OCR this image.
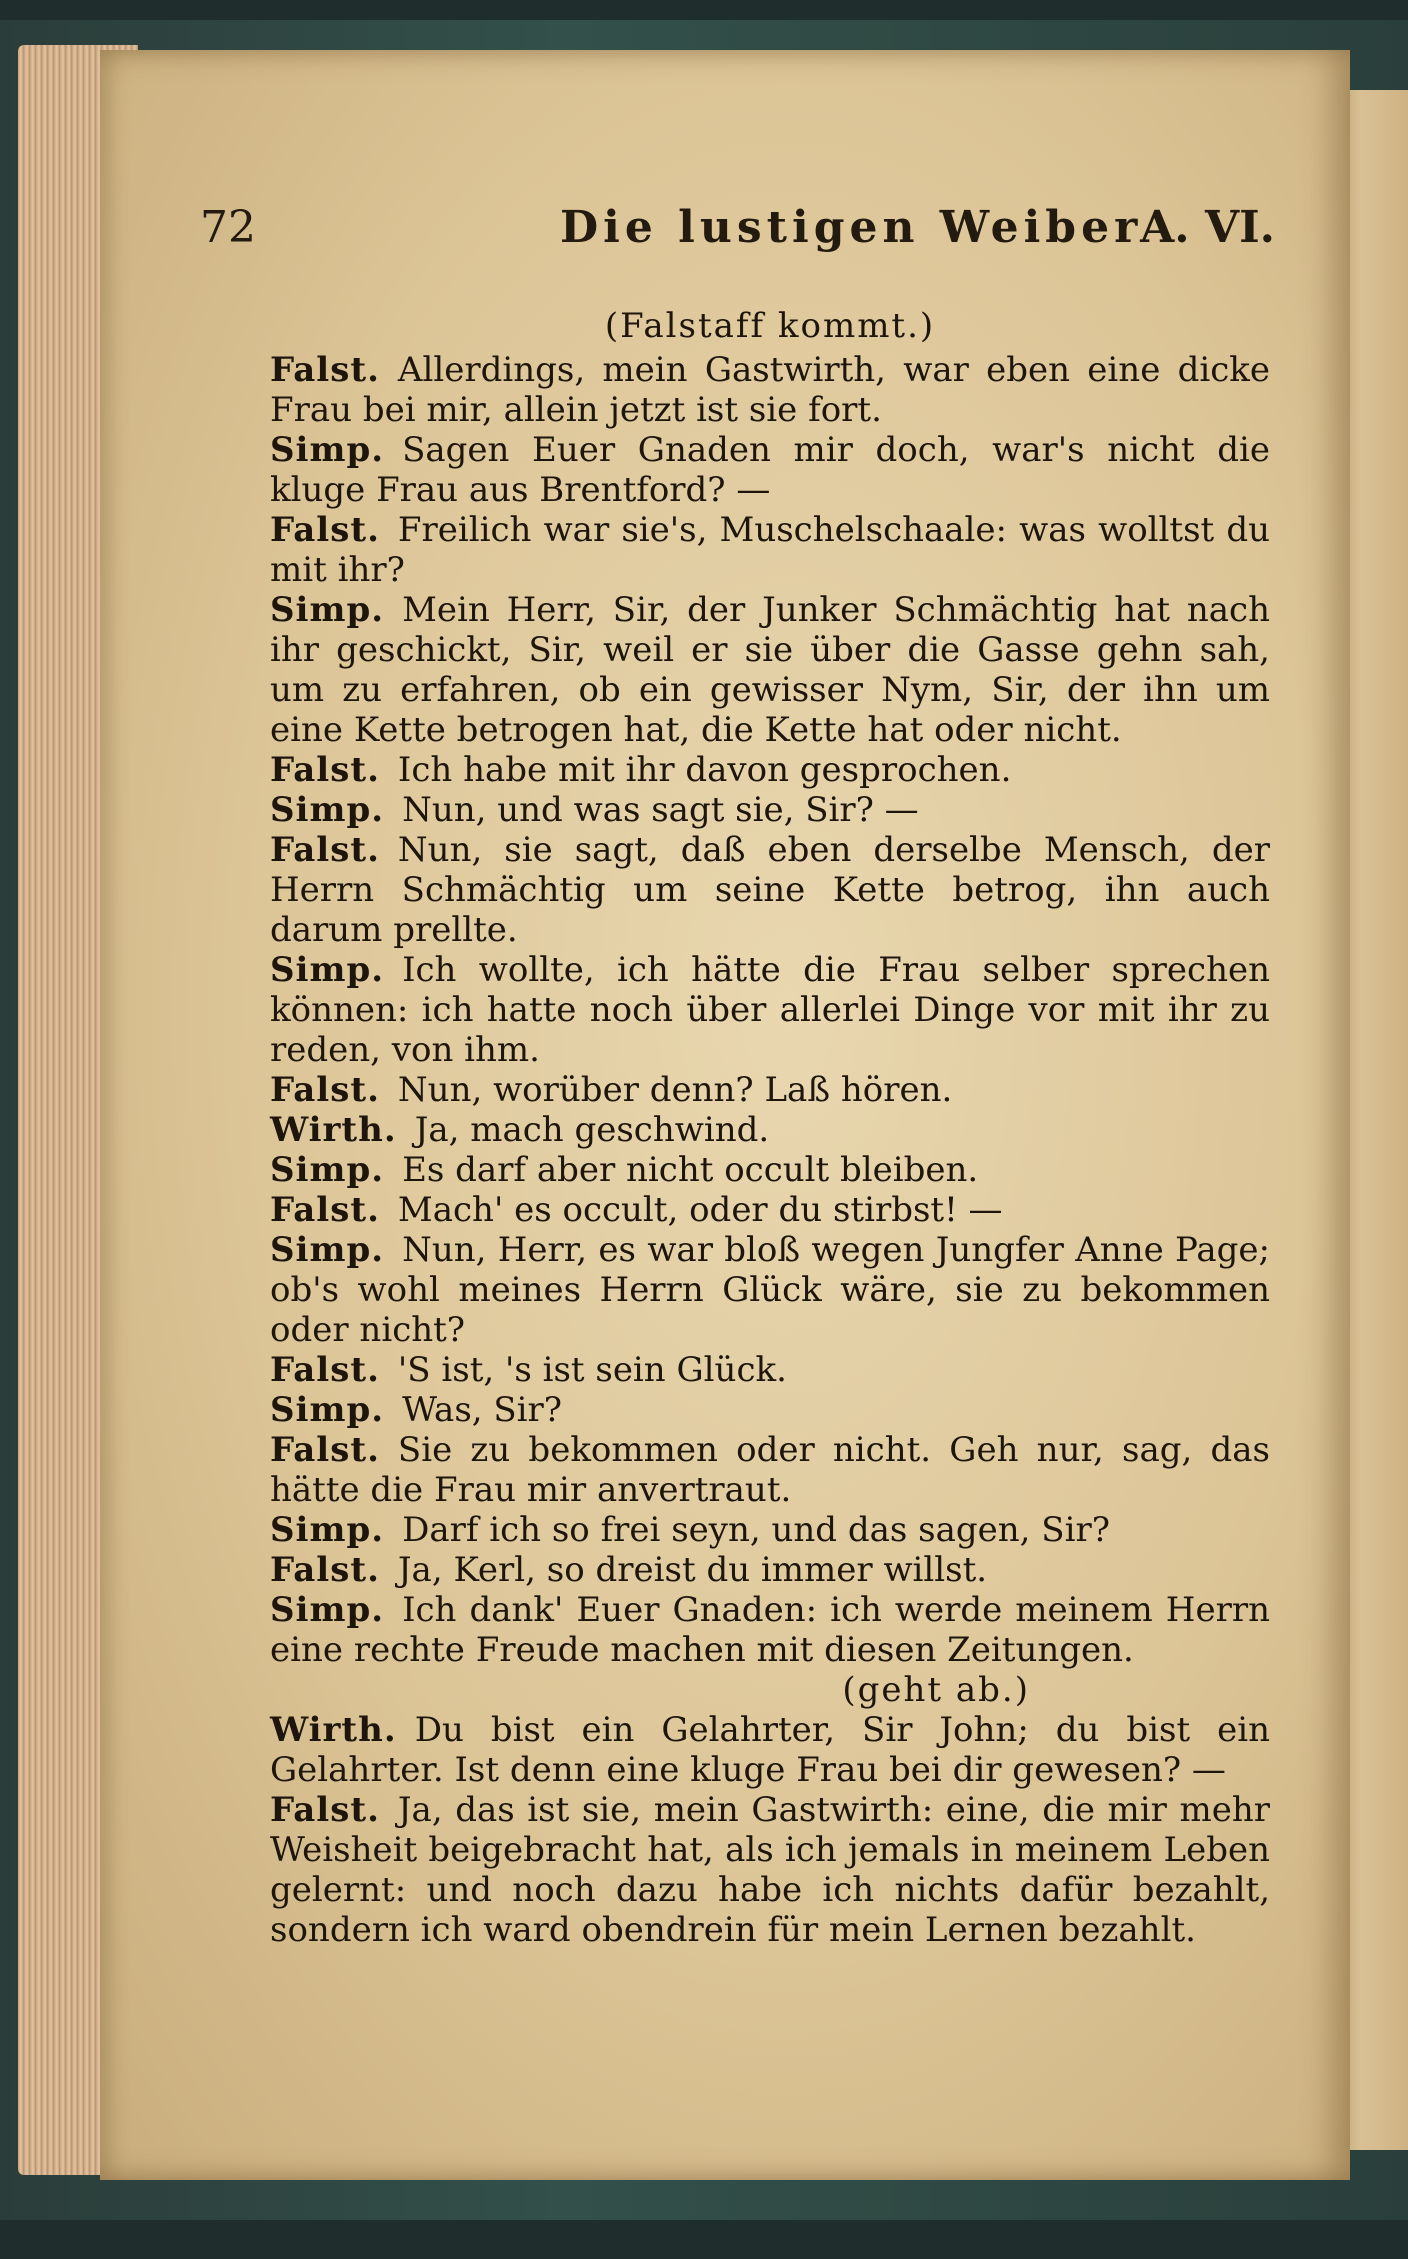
72	Die lustigen Weiber
A. VI.
(Falstaff kommt.)

Falst. Allerdings, mein Gastwirth, war eben eine dicke Frau bei mir, allein jetzt ist sie fort.

Simp. Sagen Euer Gnaden mir doch, war's nicht die kluge Frau aus Brentford? —

Falst. Freilich war sie's, Muschelschaale: was wolltst du mit ihr?

Simp. Mein Herr, Sir, der Junker Schmächtig hat nach ihr geschickt, Sir, weil er sie über die Gasse gehn sah, um zu erfahren, ob ein gewisser Nym, Sir, der ihn um eine Kette betrogen hat, die Kette hat oder nicht.

Falst. Ich habe mit ihr davon gesprochen.

Simp. Nun, und was sagt sie, Sir? —

Falst. Nun, sie sagt, daß eben derselbe Mensch, der Herrn Schmächtig um seine Kette betrog, ihn auch darum prellte.

Simp. Ich wollte, ich hätte die Frau selber sprechen können: ich hatte noch über allerlei Dinge vor mit ihr zu reden, von ihm.

Falst. Nun, worüber denn? Laß hören.

Wirth. Ja, mach geschwind.

Simp. Es darf aber nicht occult bleiben.

Falst. Mach' es occult, oder du stirbst! —

Simp. Nun, Herr, es war bloß wegen Jungfer Anne Page; ob's wohl meines Herrn Glück wäre, sie zu bekommen oder nicht?

Falst. 'S ist, 's ist sein Glück.

Simp. Was, Sir?

Falst. Sie zu bekommen oder nicht. Geh nur, sag, das hätte die Frau mir anvertraut.

Simp. Darf ich so frei seyn, und das sagen, Sir?

Falst. Ja, Kerl, so dreist du immer willst.

Simp. Ich dank' Euer Gnaden: ich werde meinem Herrn eine rechte Freude machen mit diesen Zeitungen.

(geht ab.)

Wirth. Du bist ein Gelahrter, Sir John; du bist ein Gelahrter. Ist denn eine kluge Frau bei dir gewesen? —

Falst. Ja, das ist sie, mein Gastwirth: eine, die mir mehr Weisheit beigebracht hat, als ich jemals in meinem Leben gelernt: und noch dazu habe ich nichts dafür bezahlt, sondern ich ward obendrein für mein Lernen bezahlt.
